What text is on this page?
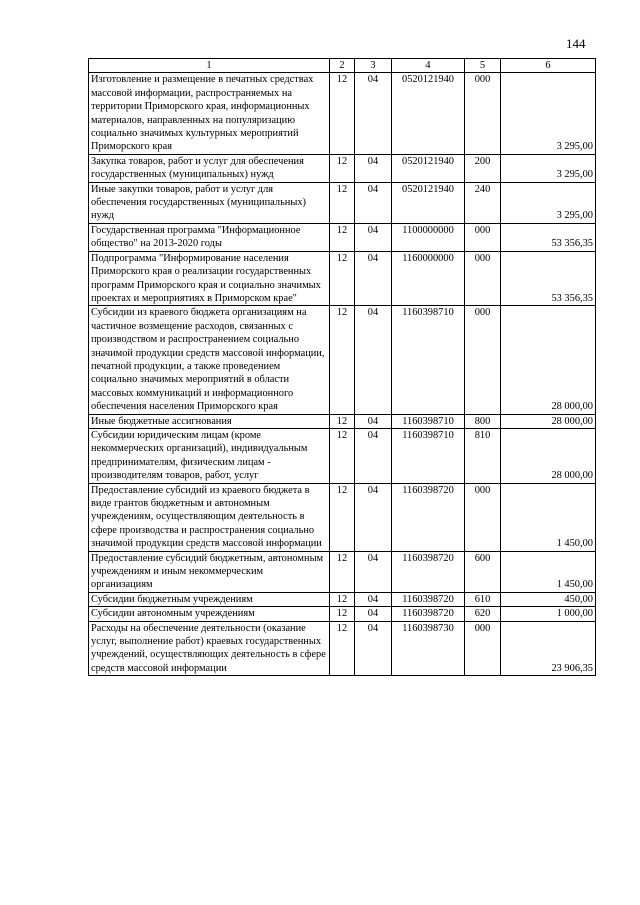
144
1	2	3	4	5	6
Изготовление и размещение в печатных средствах массовой информации, распространяемых на территории Приморского края, информационных материалов, направленных на популяризацию социально значимых культурных мероприятий Приморского края	12	04	0520121940	000	3 295,00
Закупка товаров, работ и услуг для обеспечения государственных (муниципальных) нужд	12	04	0520121940	200	3 295,00
Иные закупки товаров, работ и услуг для обеспечения государственных (муниципальных) нужд	12	04	0520121940	240	3 295,00
Государственная программа "Информационное общество" на 2013-2020 годы	12	04	1100000000	000	53 356,35
Подпрограмма "Информирование населения Приморского края о реализации государственных программ Приморского края и социально значимых проектах и мероприятиях в Приморском крае"	12	04	1160000000	000	53 356,35
Субсидии из краевого бюджета организациям на частичное возмещение расходов, связанных с производством и распространением социально значимой продукции средств массовой информации, печатной продукции, а также проведением социально значимых мероприятий в области массовых коммуникаций и информационного обеспечения населения Приморского края	12	04	1160398710	000	28 000,00
Иные бюджетные ассигнования	12	04	1160398710	800	28 000,00
Субсидии юридическим лицам (кроме некоммерческих организаций), индивидуальным предпринимателям, физическим лицам - производителям товаров, работ, услуг	12	04	1160398710	810	28 000,00
Предоставление субсидий из краевого бюджета в виде грантов бюджетным и автономным учреждениям, осуществляющим деятельность в сфере производства и распространения социально значимой продукции средств массовой информации	12	04	1160398720	000	1 450,00
Предоставление субсидий бюджетным, автономным учреждениям и иным некоммерческим организациям	12	04	1160398720	600	1 450,00
Субсидии бюджетным учреждениям	12	04	1160398720	610	450,00
Субсидии автономным учреждениям	12	04	1160398720	620	1 000,00
Расходы на обеспечение деятельности (оказание услуг, выполнение работ) краевых государственных учреждений, осуществляющих деятельность в сфере средств массовой информации	12	04	1160398730	000	23 906,35
